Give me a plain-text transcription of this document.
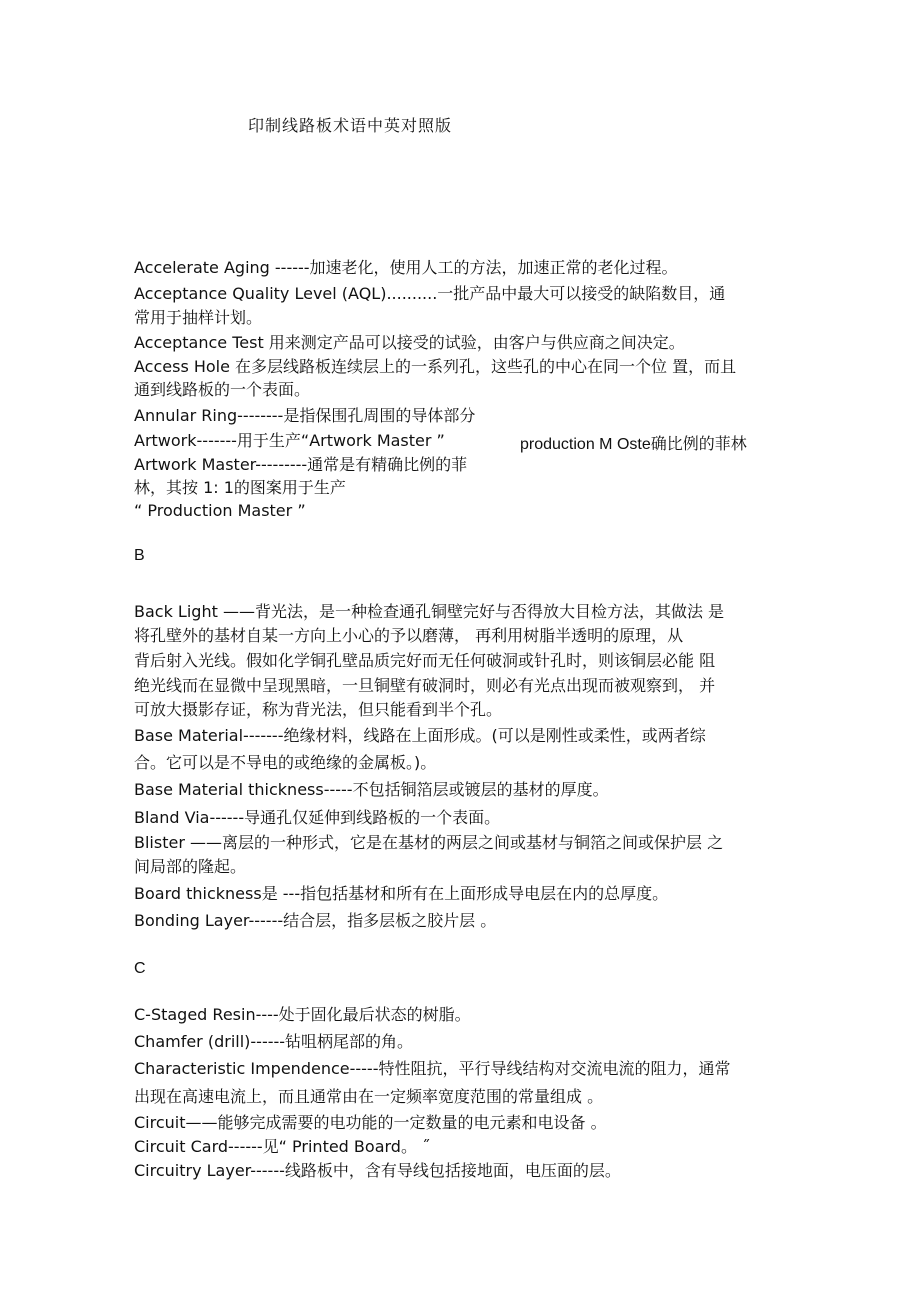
印制线路板术语中英对照版
Accelerate Aging ------加速老化，使用人工的方法，加速正常的老化过程。
Acceptance Quality Level (AQL)..........一批产品中最大可以接受的缺陷数目，通
常用于抽样计划。
Acceptance Test 用来测定产品可以接受的试验，由客户与供应商之间决定。
Access Hole 在多层线路板连续层上的一系列孔，这些孔的中心在同一个位 置，而且
通到线路板的一个表面。
Annular Ring--------是指保围孔周围的导体部分
Artwork-------用于生产“Artwork Master ”	production M Oste确比例的菲林
Artwork Master---------通常是有精确比例的菲
林，其按 1: 1的图案用于生产
“ Production Master ”
B
Back Light ——背光法，是一种检查通孔铜壁完好与否得放大目检方法，其做法 是
将孔壁外的基材自某一方向上小心的予以磨薄， 再利用树脂半透明的原理，从
背后射入光线。假如化学铜孔壁品质完好而无任何破洞或针孔时，则该铜层必能 阻
绝光线而在显微中呈现黑暗，一旦铜壁有破洞时，则必有光点出现而被观察到， 并
可放大摄影存证，称为背光法，但只能看到半个孔。
Base Material-------绝缘材料，线路在上面形成。(可以是刚性或柔性，或两者综
合。它可以是不导电的或绝缘的金属板。)。
Base Material thickness-----不包括铜箔层或镀层的基材的厚度。
Bland Via------导通孔仅延伸到线路板的一个表面。
Blister ——离层的一种形式，它是在基材的两层之间或基材与铜箔之间或保护层 之
间局部的隆起。
Board thickness是 ---指包括基材和所有在上面形成导电层在内的总厚度。
Bonding Layer------结合层，指多层板之胶片层 。
C
C-Staged Resin----处于固化最后状态的树脂。
Chamfer (drill)------钻咀柄尾部的角。
Characteristic Impendence-----特性阻抗，平行导线结构对交流电流的阻力，通常
出现在高速电流上，而且通常由在一定频率宽度范围的常量组成 。
Circuit——能够完成需要的电功能的一定数量的电元素和电设备 。
Circuit Card------见“ Printed Board。 ˝
Circuitry Layer------线路板中，含有导线包括接地面，电压面的层。
